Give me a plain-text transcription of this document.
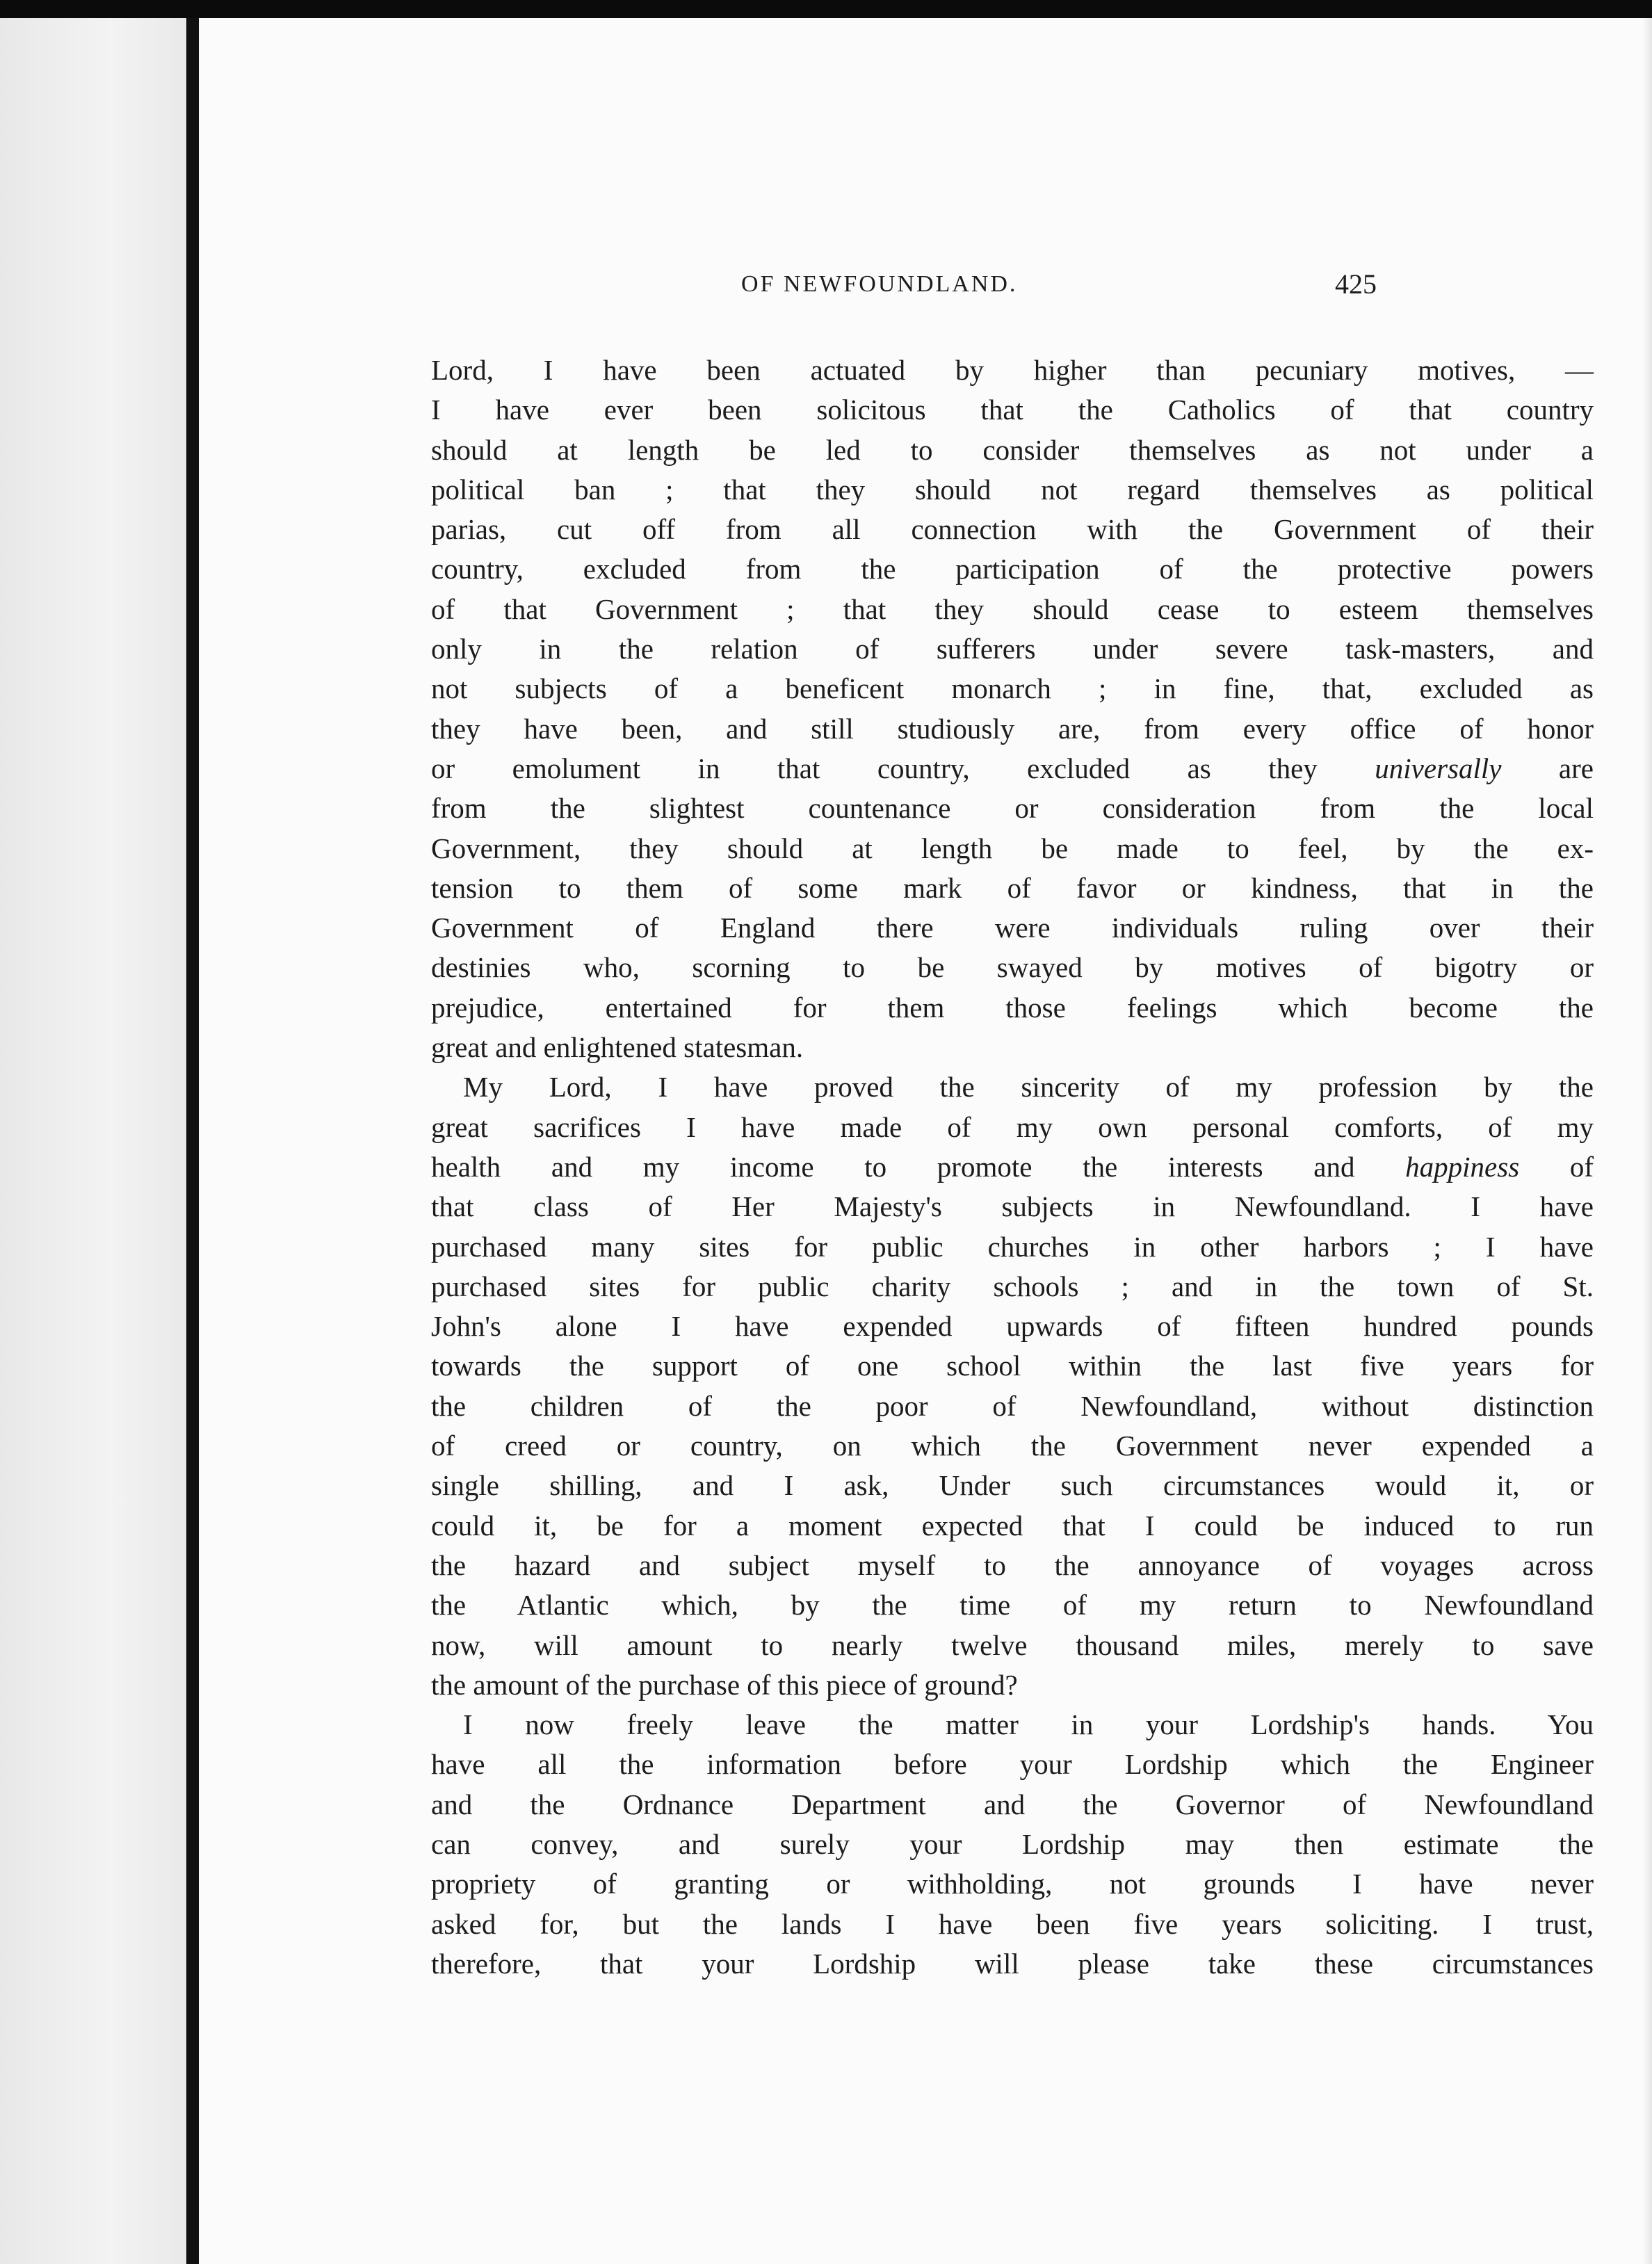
OF NEWFOUNDLAND.	425
Lord, I have been actuated by higher than pecuniary motives, —
I have ever been solicitous that the Catholics of that country
should at length be led to consider themselves as not under a
political ban ; that they should not regard themselves as political
parias, cut off from all connection with the Government of their
country, excluded from the participation of the protective powers
of that Government ; that they should cease to esteem themselves
only in the relation of sufferers under severe task-masters, and
not subjects of a beneficent monarch ; in fine, that, excluded as
they have been, and still studiously are, from every office of honor
or emolument in that country, excluded as they universally are
from the slightest countenance or consideration from the local
Government, they should at length be made to feel, by the ex-
tension to them of some mark of favor or kindness, that in the
Government of England there were individuals ruling over their
destinies who, scorning to be swayed by motives of bigotry or
prejudice, entertained for them those feelings which become the
great and enlightened statesman.
My Lord, I have proved the sincerity of my profession by the
great sacrifices I have made of my own personal comforts, of my
health and my income to promote the interests and happiness of
that class of Her Majesty's subjects in Newfoundland. I have
purchased many sites for public churches in other harbors ; I have
purchased sites for public charity schools ; and in the town of St.
John's alone I have expended upwards of fifteen hundred pounds
towards the support of one school within the last five years for
the children of the poor of Newfoundland, without distinction
of creed or country, on which the Government never expended a
single shilling, and I ask, Under such circumstances would it, or
could it, be for a moment expected that I could be induced to run
the hazard and subject myself to the annoyance of voyages across
the Atlantic which, by the time of my return to Newfoundland
now, will amount to nearly twelve thousand miles, merely to save
the amount of the purchase of this piece of ground?
I now freely leave the matter in your Lordship's hands. You
have all the information before your Lordship which the Engineer
and the Ordnance Department and the Governor of Newfoundland
can convey, and surely your Lordship may then estimate the
propriety of granting or withholding, not grounds I have never
asked for, but the lands I have been five years soliciting. I trust,
therefore, that your Lordship will please take these circumstances
